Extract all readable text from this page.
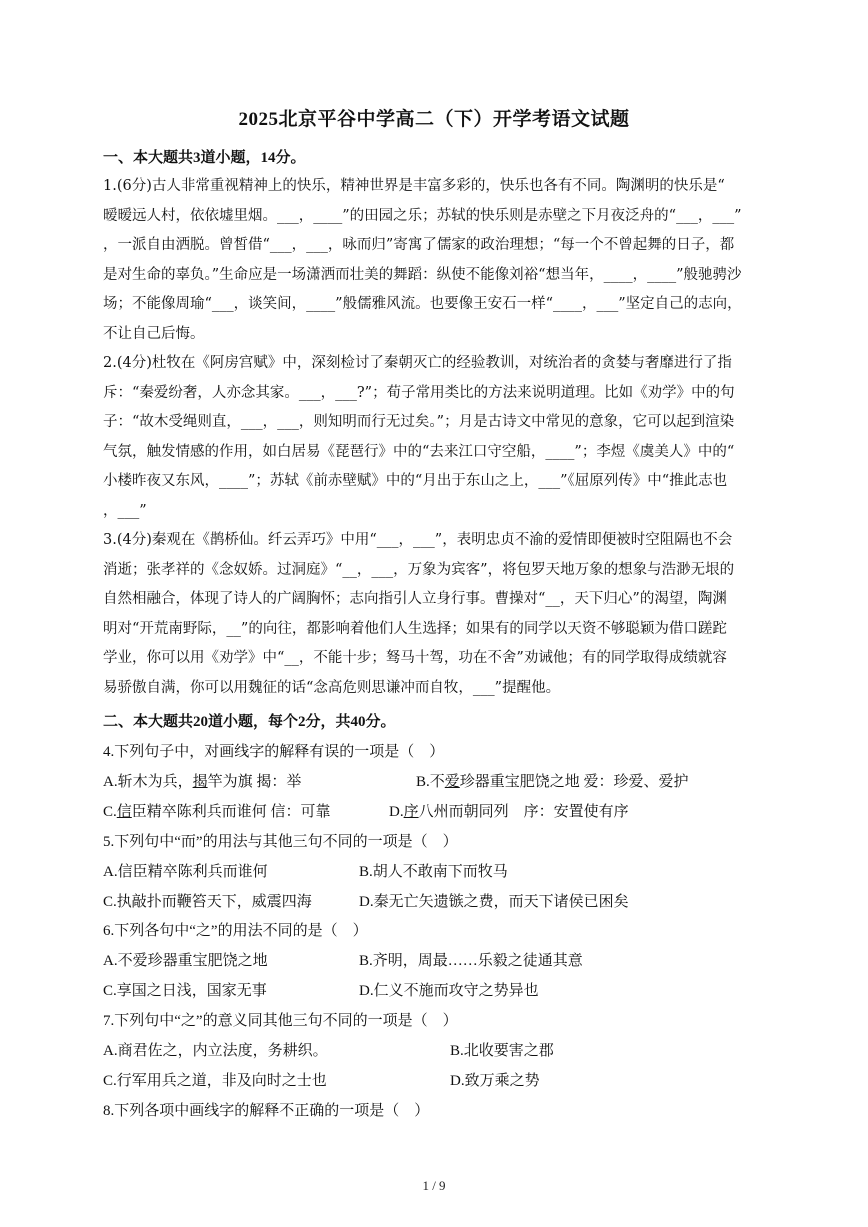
2025北京平谷中学高二（下）开学考语文试题
一、本大题共3道小题，14分。
1.(6分)古人非常重视精神上的快乐，精神世界是丰富多彩的，快乐也各有不同。陶渊明的快乐是“
暧暧远人村，依依墟里烟。___，____”的田园之乐；苏轼的快乐则是赤壁之下月夜泛舟的“___，___”
，一派自由洒脱。曾皙借“___，___，咏而归”寄寓了儒家的政治理想；“每一个不曾起舞的日子，都
是对生命的辜负。”生命应是一场潇洒而壮美的舞蹈：纵使不能像刘裕“想当年，____，____”般驰骋沙
场；不能像周瑜“___，谈笑间，____”般儒雅风流。也要像王安石一样“____，___”坚定自己的志向，
不让自己后悔。
2.(4分)杜牧在《阿房宫赋》中，深刻检讨了秦朝灭亡的经验教训，对统治者的贪婪与奢靡进行了指
斥：“秦爱纷奢，人亦念其家。___，___?”；荀子常用类比的方法来说明道理。比如《劝学》中的句
子：“故木受绳则直，___，___，则知明而行无过矣。”；月是古诗文中常见的意象，它可以起到渲染
气氛，触发情感的作用，如白居易《琵琶行》中的“去来江口守空船，____”；李煜《虞美人》中的“
小楼昨夜又东风，____”；苏轼《前赤壁赋》中的“月出于东山之上，___”《屈原列传》中“推此志也
，___”
3.(4分)秦观在《鹊桥仙。纤云弄巧》中用“___，___”，表明忠贞不渝的爱情即便被时空阻隔也不会
消逝；张孝祥的《念奴娇。过洞庭》“__，___，万象为宾客”，将包罗天地万象的想象与浩渺无垠的
自然相融合，体现了诗人的广阔胸怀；志向指引人立身行事。曹操对“__，天下归心”的渴望，陶渊
明对“开荒南野际，__”的向往，都影响着他们人生选择；如果有的同学以天资不够聪颖为借口蹉跎
学业，你可以用《劝学》中“__，不能十步；驽马十驾，功在不舍”劝诫他；有的同学取得成绩就容
易骄傲自满，你可以用魏征的话“念高危则思谦冲而自牧，___”提醒他。
二、本大题共20道小题，每个2分，共40分。
4.下列句子中，对画线字的解释有误的一项是（　）
A.斩木为兵，揭竿为旗 揭：举	B.不爱珍器重宝肥饶之地 爱：珍爱、爱护
C.信臣精卒陈利兵而谁何 信：可靠	D.序八州而朝同列　序：安置使有序
5.下列句中“而”的用法与其他三句不同的一项是（　）
A.信臣精卒陈利兵而谁何	B.胡人不敢南下而牧马
C.执敲扑而鞭笞天下，威震四海	D.秦无亡矢遗镞之费，而天下诸侯已困矣
6.下列各句中“之”的用法不同的是（　）
A.不爱珍器重宝肥饶之地	B.齐明，周最……乐毅之徒通其意
C.享国之日浅，国家无事	D.仁义不施而攻守之势异也
7.下列句中“之”的意义同其他三句不同的一项是（　）
A.商君佐之，内立法度，务耕织。	B.北收要害之郡
C.行军用兵之道，非及向时之士也	D.致万乘之势
8.下列各项中画线字的解释不正确的一项是（　）
1 / 9
